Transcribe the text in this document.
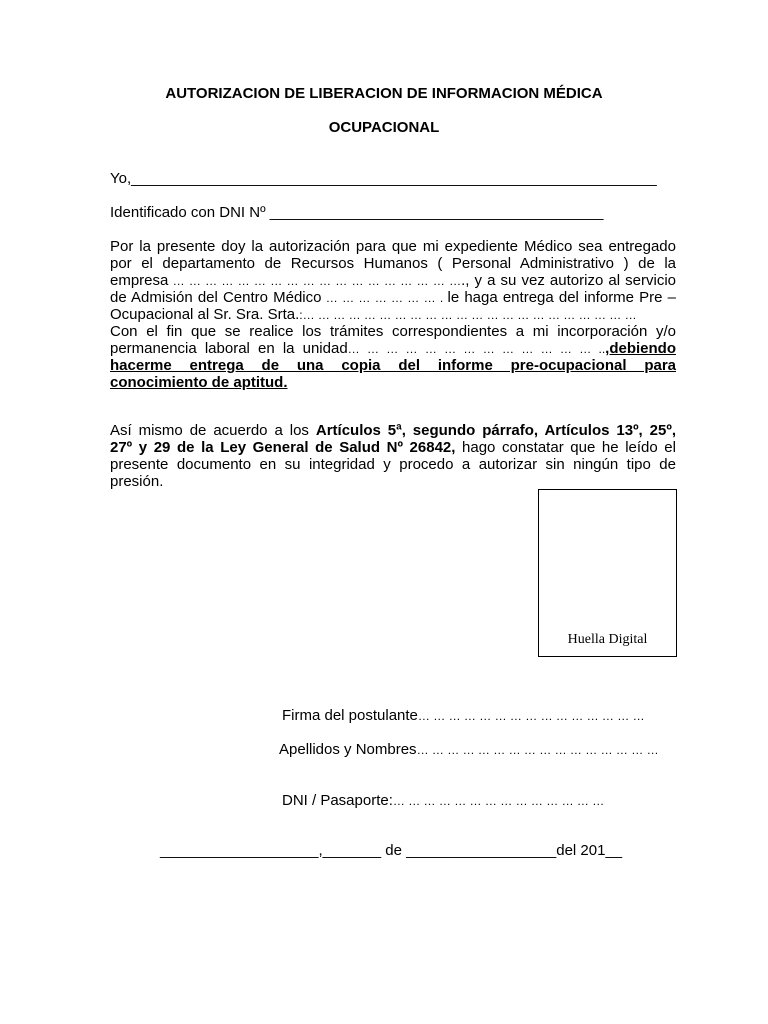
AUTORIZACION DE LIBERACION DE INFORMACION MÉDICA
OCUPACIONAL
Yo,_______________________________________________________________
Identificado con DNI Nº ________________________________________
Por la presente doy la autorización para que mi expediente Médico sea entregado
por el departamento de Recursos Humanos ( Personal Administrativo ) de la
empresa … … … … … … … … … … … … … … … … … …., y a su vez autorizo al servicio
de Admisión del Centro Médico … … … … … … … . le haga entrega del informe Pre –
Ocupacional al Sr. Sra. Srta.:… … … … … … … … … … … … … … … … … … … … … …
Con el fin que se realice los trámites correspondientes a mi incorporación y/o
permanencia laboral en la unidad… … … … … … … … … … … … … ..,debiendo
hacerme entrega de una copia del informe pre-ocupacional para
conocimiento de aptitud.
Así mismo de acuerdo a los Artículos 5ª, segundo párrafo, Artículos 13º, 25º,
27º y 29 de la Ley General de Salud Nº 26842, hago constatar que he leído el
presente documento en su integridad y procedo a autorizar sin ningún tipo de
presión.
Huella Digital
Firma del postulante… … … … … … … … … … … … … … …
Apellidos y Nombres… … … … … … … … … … … … … … … …
DNI / Pasaporte:… … … … … … … … … … … … … …
___________________,_______ de __________________del 201__
